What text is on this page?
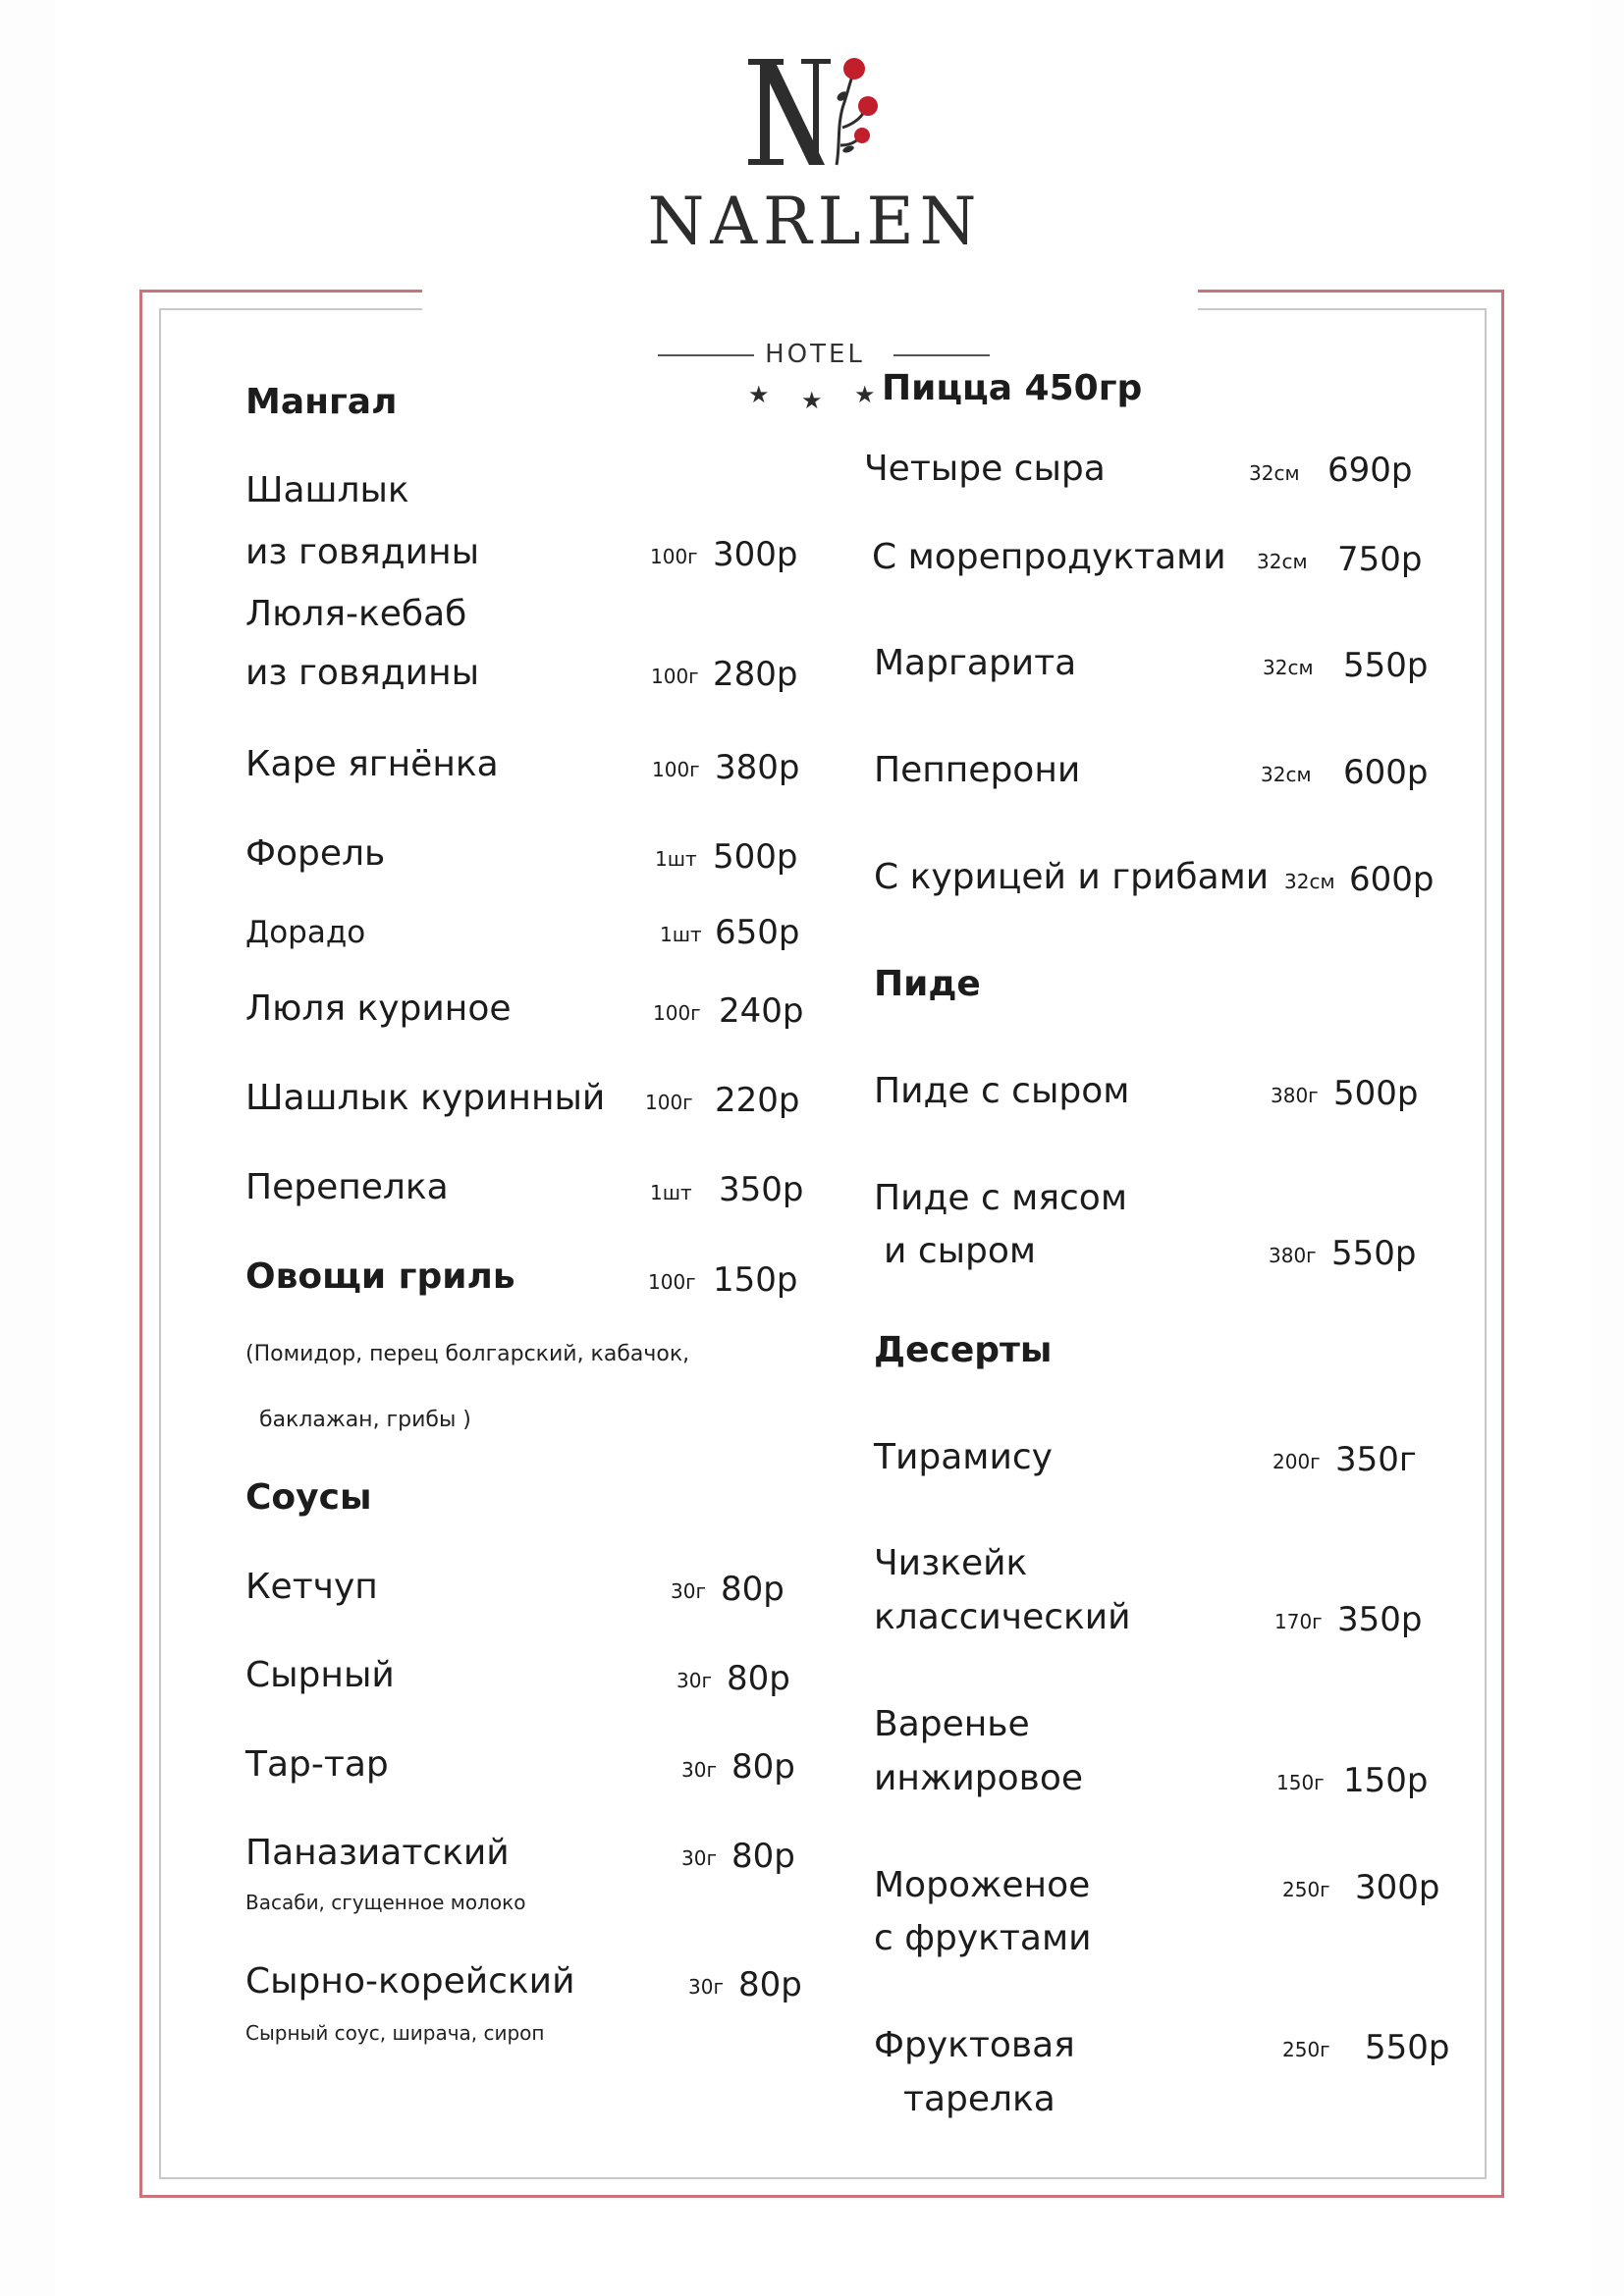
NARLEN
HOTEL
★ ★ ★
Мангал
Шашлык
из говядины	100г 300р
Люля-кебаб
из говядины	100г 280р
Каре ягнёнка	100г 380р
Форель	1шт 500р
Дорадо	1шт 650р
Люля куриное	100г 240р
Шашлык куринный 100г 220р
Перепелка	1шт 350р
Овощи гриль	100г 150р
(Помидор, перец болгарский, кабачок,
баклажан, грибы )
Соусы
Кетчуп	30г 80р
Сырный	30г 80р
Тар-тар	30г 80р
Паназиатский	30г 80р
Васаби, сгущенное молоко
Сырно-корейский	30г 80р
Сырный соус, ширача, сироп
Пицца 450гр
Четыре сыра	32см 690р
С морепродуктами 32см 750р
Маргарита	32см 550р
Пепперони	32см 600р
С курицей и грибами 32см 600р
Пиде
Пиде с сыром	380г 500р
Пиде с мясом
и сыром	380г 550р
Десерты
Тирамису	200г 350г
Чизкейк
классический	170г 350р
Варенье
инжировое	150г 150р
Мороженое
с фруктами
250г 300р
Фруктовая
тарелка
250г 550р
